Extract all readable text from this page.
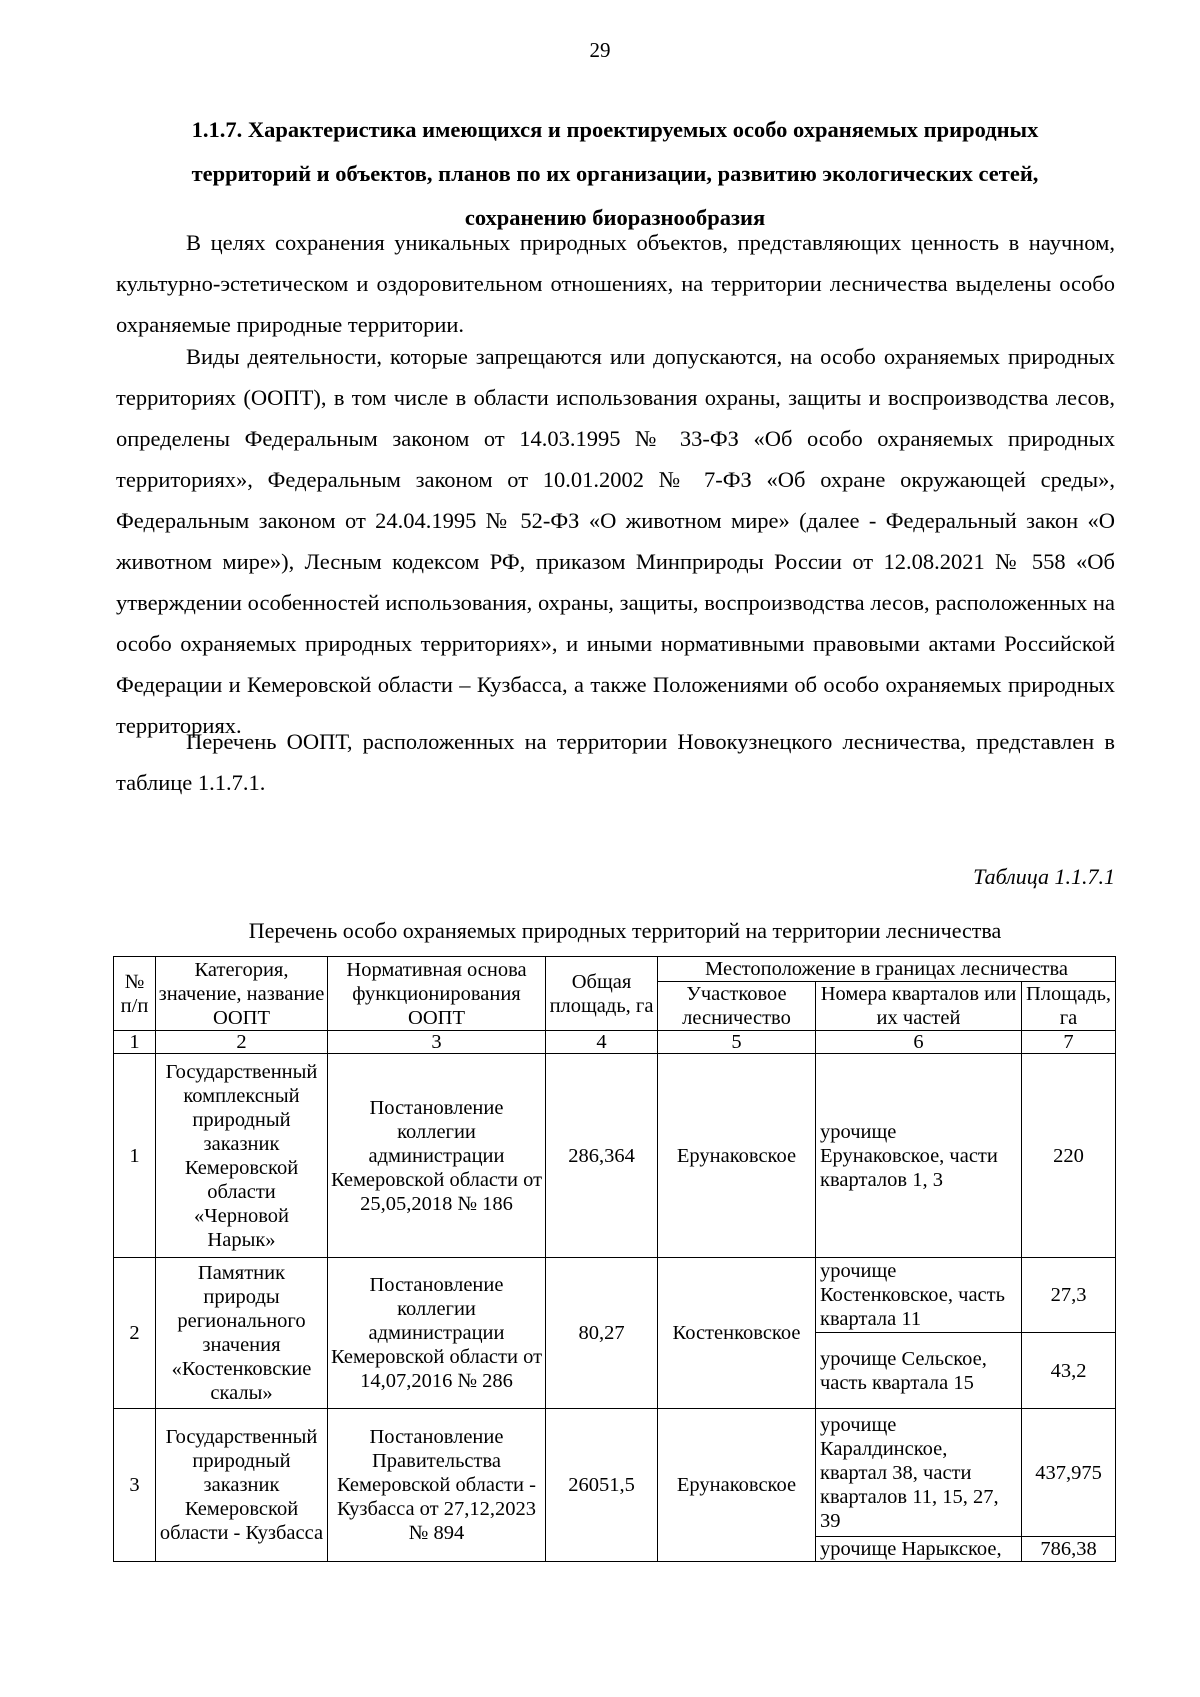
29
1.1.7. Характеристика имеющихся и проектируемых особо охраняемых природных
территорий и объектов, планов по их организации, развитию экологических сетей,
сохранению биоразнообразия

В целях сохранения уникальных природных объектов, представляющих ценность в научном, культурно-эстетическом и оздоровительном отношениях, на территории лесничества выделены особо охраняемые природные территории.

Виды деятельности, которые запрещаются или допускаются, на особо охраняемых природных территориях (ООПТ), в том числе в области использования охраны, защиты и воспроизводства лесов, определены Федеральным законом от 14.03.1995 № 33-ФЗ «Об особо охраняемых природных территориях», Федеральным законом от 10.01.2002 № 7-ФЗ «Об охране окружающей среды», Федеральным законом от 24.04.1995 № 52-ФЗ «О животном мире» (далее - Федеральный закон «О животном мире»), Лесным кодексом РФ, приказом Минприроды России от 12.08.2021 № 558 «Об утверждении особенностей использования, охраны, защиты, воспроизводства лесов, расположенных на особо охраняемых природных территориях», и иными нормативными правовыми актами Российской Федерации и Кемеровской области – Кузбасса, а также Положениями об особо охраняемых природных территориях.

Перечень ООПТ, расположенных на территории Новокузнецкого лесничества, представлен в таблице 1.1.7.1.

Таблица 1.1.7.1
Перечень особо охраняемых природных территорий на территории лесничества
№ п/п	Категория, значение, название ООПТ	Нормативная основа функционирования ООПТ	Общая площадь, га	Местоположение в границах лесничества		
				Участковое лесничество	Номера кварталов или их частей	Площадь, га
1	2	3	4	5	6	7
1	Государственный комплексный природный заказник Кемеровской области «Черновой Нарык»	Постановление коллегии администрации Кемеровской области от 25,05,2018 № 186	286,364	Ерунаковское	урочище Ерунаковское, части кварталов 1, 3	220
2	Памятник природы регионального значения «Костенковские скалы»	Постановление коллегии администрации Кемеровской области от 14,07,2016 № 286	80,27	Костенковское	урочище Костенковское, часть квартала 11	27,3
					урочище Сельское, часть квартала 15	43,2
3	Государственный природный заказник Кемеровской области - Кузбасса	Постановление Правительства Кемеровской области - Кузбасса от 27,12,2023 № 894	26051,5	Ерунаковское	урочище Каралдинское, квартал 38, части кварталов 11, 15, 27, 39	437,975
					урочище Нарыкское,	786,38
